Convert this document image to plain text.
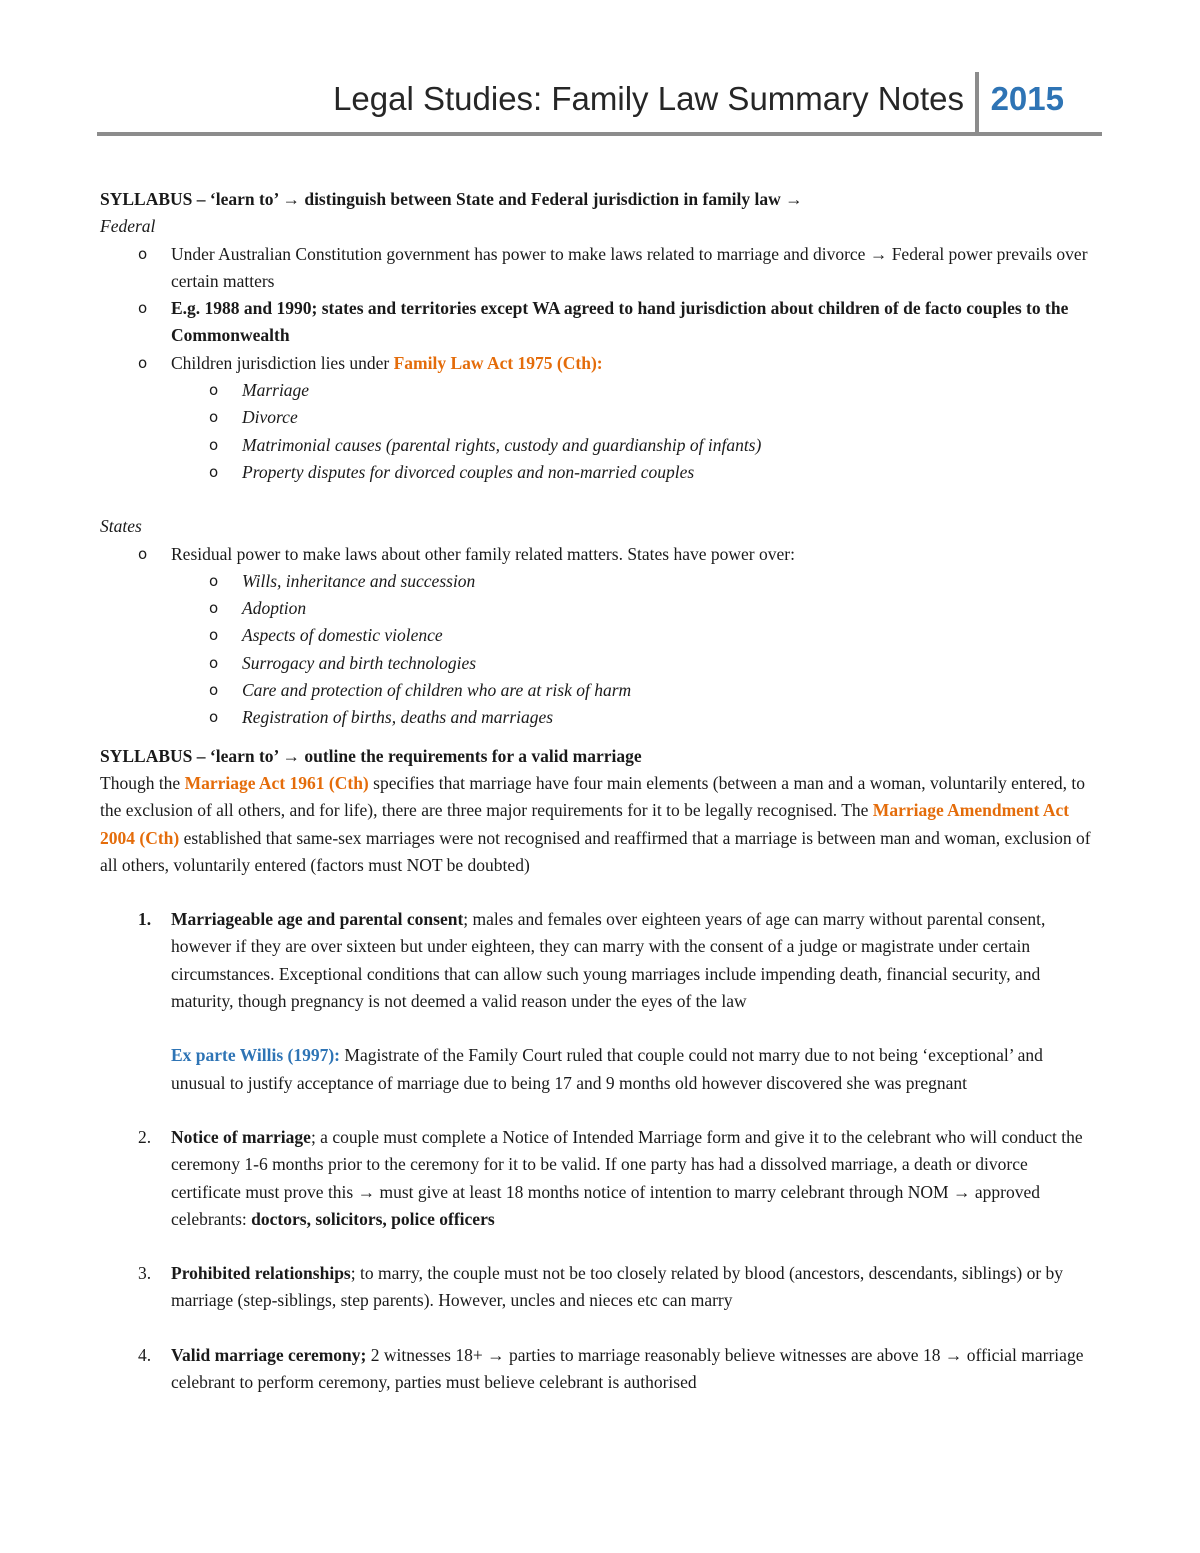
Legal Studies: Family Law Summary Notes 2015

SYLLABUS – ‘learn to’ → distinguish between State and Federal jurisdiction in family law →

Federal

o Under Australian Constitution government has power to make laws related to marriage and divorce → Federal power prevails over certain matters
o E.g. 1988 and 1990; states and territories except WA agreed to hand jurisdiction about children of de facto couples to the Commonwealth
o Children jurisdiction lies under Family Law Act 1975 (Cth):
o Marriage
o Divorce
o Matrimonial causes (parental rights, custody and guardianship of infants)
o Property disputes for divorced couples and non-married couples

States

o Residual power to make laws about other family related matters. States have power over:
o Wills, inheritance and succession
o Adoption
o Aspects of domestic violence
o Surrogacy and birth technologies
o Care and protection of children who are at risk of harm
o Registration of births, deaths and marriages

SYLLABUS – ‘learn to’ → outline the requirements for a valid marriage

Though the Marriage Act 1961 (Cth) specifies that marriage have four main elements (between a man and a woman, voluntarily entered, to the exclusion of all others, and for life), there are three major requirements for it to be legally recognised. The Marriage Amendment Act 2004 (Cth) established that same-sex marriages were not recognised and reaffirmed that a marriage is between man and woman, exclusion of all others, voluntarily entered (factors must NOT be doubted)

1. Marriageable age and parental consent; males and females over eighteen years of age can marry without parental consent, however if they are over sixteen but under eighteen, they can marry with the consent of a judge or magistrate under certain circumstances. Exceptional conditions that can allow such young marriages include impending death, financial security, and maturity, though pregnancy is not deemed a valid reason under the eyes of the law

Ex parte Willis (1997): Magistrate of the Family Court ruled that couple could not marry due to not being ‘exceptional’ and unusual to justify acceptance of marriage due to being 17 and 9 months old however discovered she was pregnant

2. Notice of marriage; a couple must complete a Notice of Intended Marriage form and give it to the celebrant who will conduct the ceremony 1-6 months prior to the ceremony for it to be valid. If one party has had a dissolved marriage, a death or divorce certificate must prove this → must give at least 18 months notice of intention to marry celebrant through NOM → approved celebrants: doctors, solicitors, police officers
3. Prohibited relationships; to marry, the couple must not be too closely related by blood (ancestors, descendants, siblings) or by marriage (step-siblings, step parents). However, uncles and nieces etc can marry
4. Valid marriage ceremony; 2 witnesses 18+ → parties to marriage reasonably believe witnesses are above 18 → official marriage celebrant to perform ceremony, parties must believe celebrant is authorised
